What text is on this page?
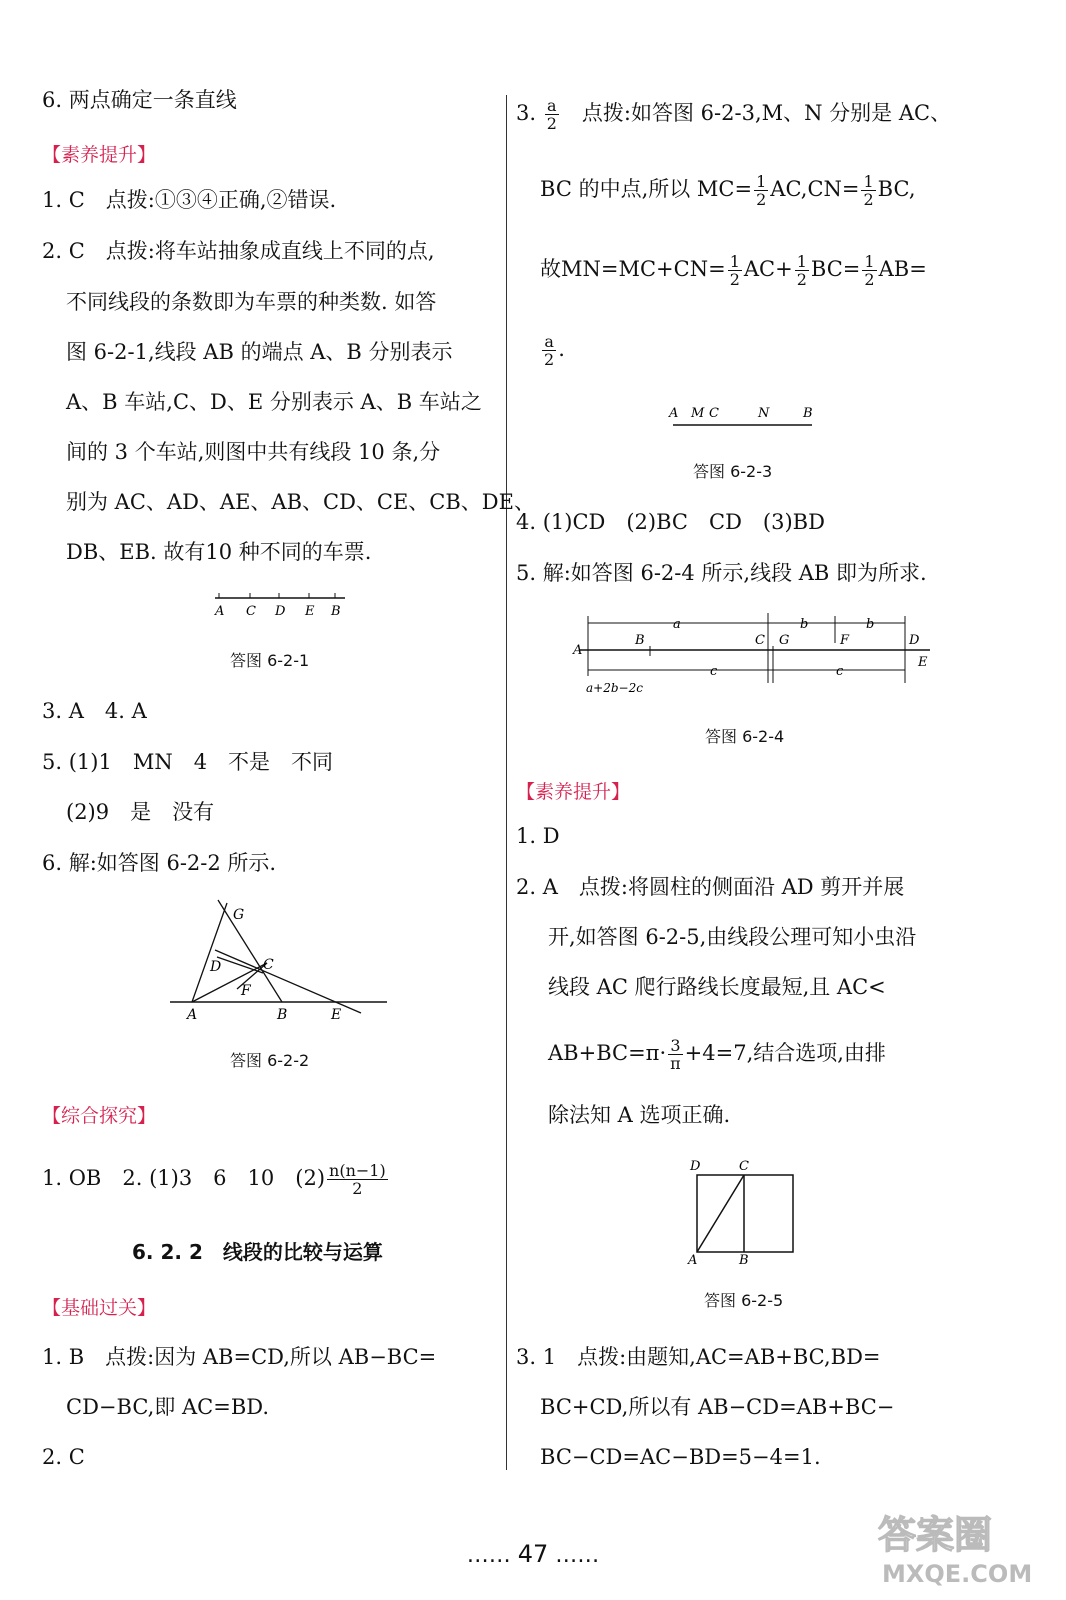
6. 两点确定一条直线
【素养提升】
1. C　点拨:①③④正确,②错误.
2. C　点拨:将车站抽象成直线上不同的点,
不同线段的条数即为车票的种类数. 如答
图 6-2-1,线段 AB 的端点 A、B 分别表示
A、B 车站,C、D、E 分别表示 A、B 车站之
间的 3 个车站,则图中共有线段 10 条,分
别为 AC、AD、AE、AB、CD、CE、CB、DE、
DB、EB. 故有10 种不同的车票.
A C D E B
答图 6-2-1
3. A　4. A
5. (1)1　MN　4　不是　不同
(2)9　是　没有
6. 解:如答图 6-2-2 所示.
G
D	C
F
A	B	E
答图 6-2-2
【综合探究】
1. OB　2. (1)3　6　10　$(2) \frac{n(n-1)}{2}$
6. 2. 2　线段的比较与运算
【基础过关】
1. B　点拨:因为 AB=CD,所以 AB−BC=
CD−BC,即 AC=BD.
2. C
3. $\frac{a}{2}$
　 点拨:如答图 6-2-3,M、N 分别是 AC、
BC 的中点,所以 $MC= \frac{1}{2} AC,CN= \frac{1}{2}$ BC,
故$MN=MC+CN= \frac{1}{2} AC+ \frac{1}{2} BC= \frac{1}{2} AB=$
$\frac{a}{2}$ .
A M C	N	B
答图 6-2-3
4. (1)CD　(2)BC　CD　(3)BD
5. 解:如答图 6-2-4 所示,线段 AB 即为所求.
a	b	b
A
B	C G	F	D
E
c	c
a+2b−2c
答图 6-2-4
【素养提升】
1. D
2. A　点拨:将圆柱的侧面沿 AD 剪开并展
开,如答图 6-2-5,由线段公理可知小虫沿
线段 AC 爬行路线长度最短,且 AC<
$AB+BC=\pi\cdot \frac{3}{\pi} +4=7$,结合选项,由排
除法知 A 选项正确.
D	C
A	B
答图 6-2-5
3. 1　点拨:由题知,AC=AB+BC,BD=
BC+CD,所以有 AB−CD=AB+BC−
BC−CD=AC−BD=5−4=1.
…… 47 ……	答案圈
MXQE.COM
